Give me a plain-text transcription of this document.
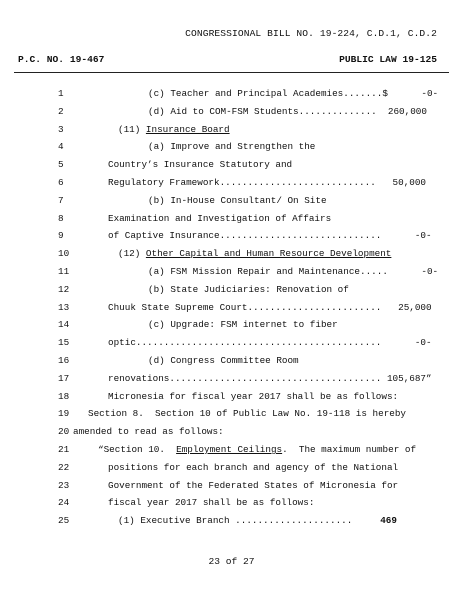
CONGRESSIONAL BILL NO. 19-224, C.D.1, C.D.2
P.C. NO. 19-467	PUBLIC LAW 19-125
1	(c) Teacher and Principal Academies.......$      -0-
2	(d) Aid to COM-FSM Students..............  260,000
3	(11) Insurance Board
4	(a) Improve and Strengthen the
5	Country’s Insurance Statutory and
6	Regulatory Framework............................   50,000
7	(b) In-House Consultant/ On Site
8	Examination and Investigation of Affairs
9	of Captive Insurance.............................      -0-
10	(12) Other Capital and Human Resource Development
11	(a) FSM Mission Repair and Maintenance.....      -0-
12	(b) State Judiciaries: Renovation of
13	Chuuk State Supreme Court........................   25,000
14	(c) Upgrade: FSM internet to fiber
15	optic............................................      -0-
16	(d) Congress Committee Room
17	renovations...................................... 105,687”
18	Micronesia for fiscal year 2017 shall be as follows:
19 Section 8.  Section 10 of Public Law No. 19-118 is hereby
20 amended to read as follows:
21	“Section 10.  Employment Ceilings.  The maximum number of
22	positions for each branch and agency of the National
23	Government of the Federated States of Micronesia for
24	fiscal year 2017 shall be as follows:
25	(1) Executive Branch .....................     469
23 of 27
